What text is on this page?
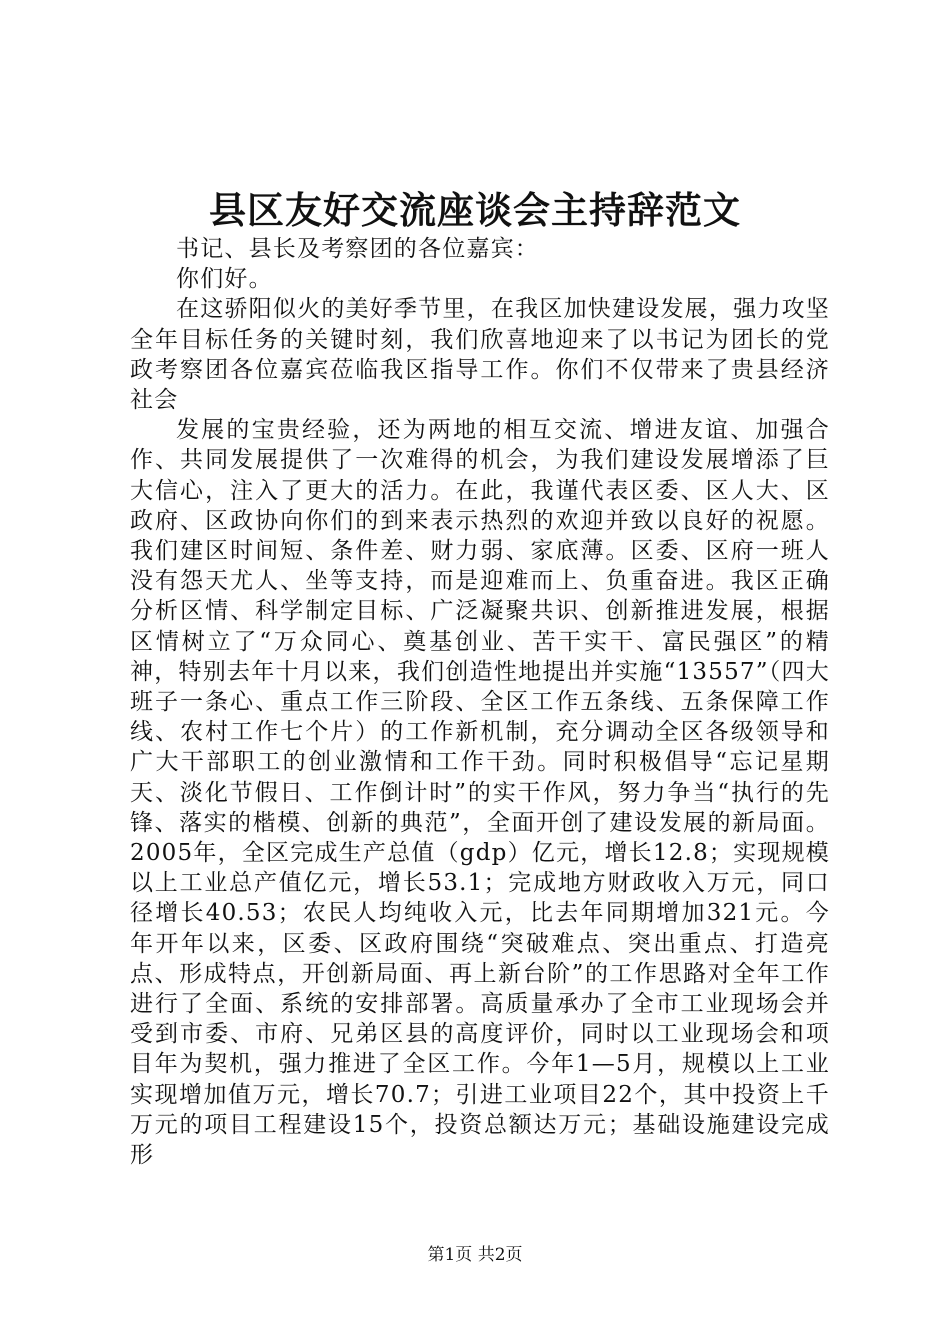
县区友好交流座谈会主持辞范文

书记、县长及考察团的各位嘉宾：

你们好。

在这骄阳似火的美好季节里，在我区加快建设发展，强力攻坚全年目标任务的关键时刻，我们欣喜地迎来了以书记为团长的党政考察团各位嘉宾莅临我区指导工作。你们不仅带来了贵县经济社会

发展的宝贵经验，还为两地的相互交流、增进友谊、加强合作、共同发展提供了一次难得的机会，为我们建设发展增添了巨大信心，注入了更大的活力。在此，我谨代表区委、区人大、区政府、区政协向你们的到来表示热烈的欢迎并致以良好的祝愿。我们建区时间短、条件差、财力弱、家底薄。区委、区府一班人没有怨天尤人、坐等支持，而是迎难而上、负重奋进。我区正确分析区情、科学制定目标、广泛凝聚共识、创新推进发展，根据区情树立了“万众同心、奠基创业、苦干实干、富民强区”的精神，特别去年十月以来，我们创造性地提出并实施“13557”（四大班子一条心、重点工作三阶段、全区工作五条线、五条保障工作线、农村工作七个片）的工作新机制，充分调动全区各级领导和广大干部职工的创业激情和工作干劲。同时积极倡导“忘记星期天、淡化节假日、工作倒计时”的实干作风，努力争当“执行的先锋、落实的楷模、创新的典范”，全面开创了建设发展的新局面。2005年，全区完成生产总值（gdp）亿元，增长12.8；实现规模以上工业总产值亿元，增长53.1；完成地方财政收入万元，同口径增长40.53；农民人均纯收入元，比去年同期增加321元。今年开年以来，区委、区政府围绕“突破难点、突出重点、打造亮点、形成特点，开创新局面、再上新台阶”的工作思路对全年工作进行了全面、系统的安排部署。高质量承办了全市工业现场会并受到市委、市府、兄弟区县的高度评价，同时以工业现场会和项目年为契机，强力推进了全区工作。今年1—5月，规模以上工业实现增加值万元，增长70.7；引进工业项目22个，其中投资上千万元的项目工程建设15个，投资总额达万元；基础设施建设完成形

第1页 共2页
